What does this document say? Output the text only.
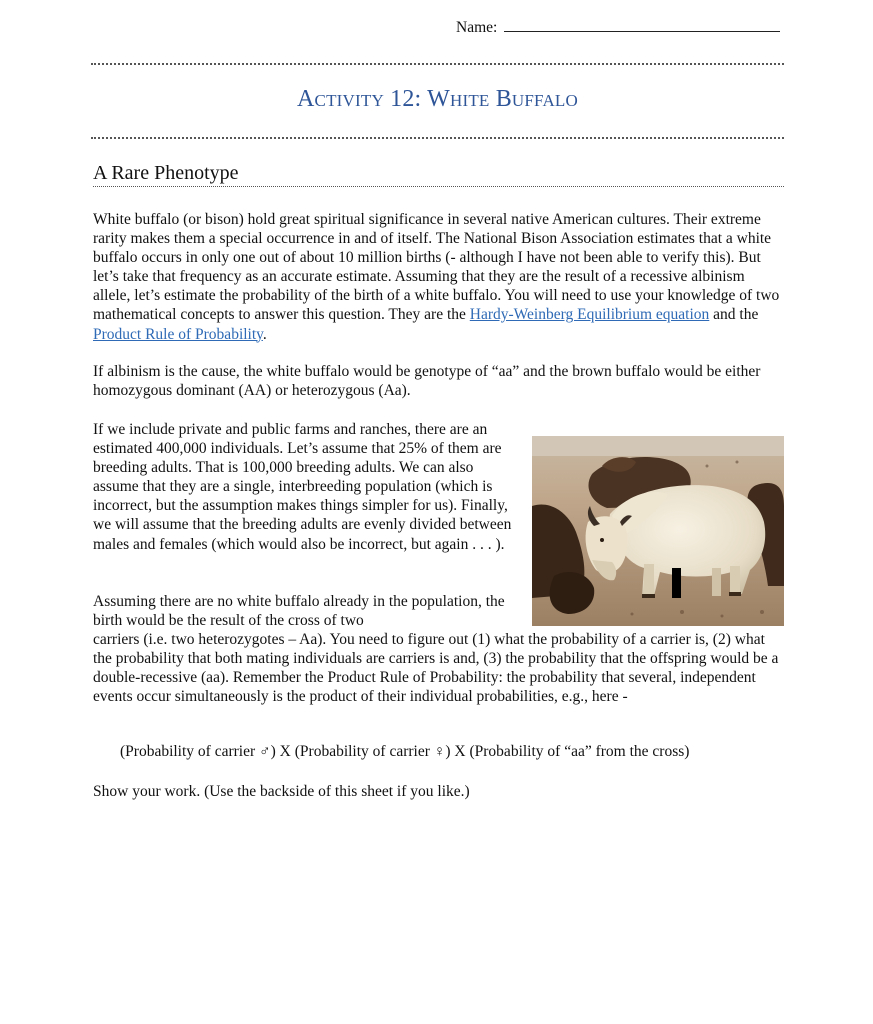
Name:
Activity 12: White Buffalo
A Rare Phenotype

White buffalo (or bison) hold great spiritual significance in several native American cultures. Their extreme rarity makes them a special occurrence in and of itself. The National Bison Association estimates that a white buffalo occurs in only one out of about 10 million births (- although I have not been able to verify this). But let’s take that frequency as an accurate estimate. Assuming that they are the result of a recessive albinism allele, let’s estimate the probability of the birth of a white buffalo. You will need to use your knowledge of two mathematical concepts to answer this question. They are the Hardy-Weinberg Equilibrium equation and the Product Rule of Probability.

If albinism is the cause, the white buffalo would be genotype of “aa” and the brown buffalo would be either homozygous dominant (AA) or heterozygous (Aa).

If we include private and public farms and ranches, there are an estimated 400,000 individuals. Let’s assume that 25% of them are breeding adults. That is 100,000 breeding adults. We can also assume that they are a single, interbreeding population (which is incorrect, but the assumption makes things simpler for us). Finally, we will assume that the breeding adults are evenly divided between males and females (which would also be incorrect, but again . . . ).

Assuming there are no white buffalo already in the population, the birth would be the result of the cross of two

carriers (i.e. two heterozygotes – Aa). You need to figure out (1) what the probability of a carrier is, (2) what the probability that both mating individuals are carriers is and, (3) the probability that the offspring would be a double-recessive (aa). Remember the Product Rule of Probability: the probability that several, independent events occur simultaneously is the product of their individual probabilities, e.g., here -

(Probability of carrier ♂) X (Probability of carrier ♀) X (Probability of “aa” from the cross)

Show your work. (Use the backside of this sheet if you like.)
